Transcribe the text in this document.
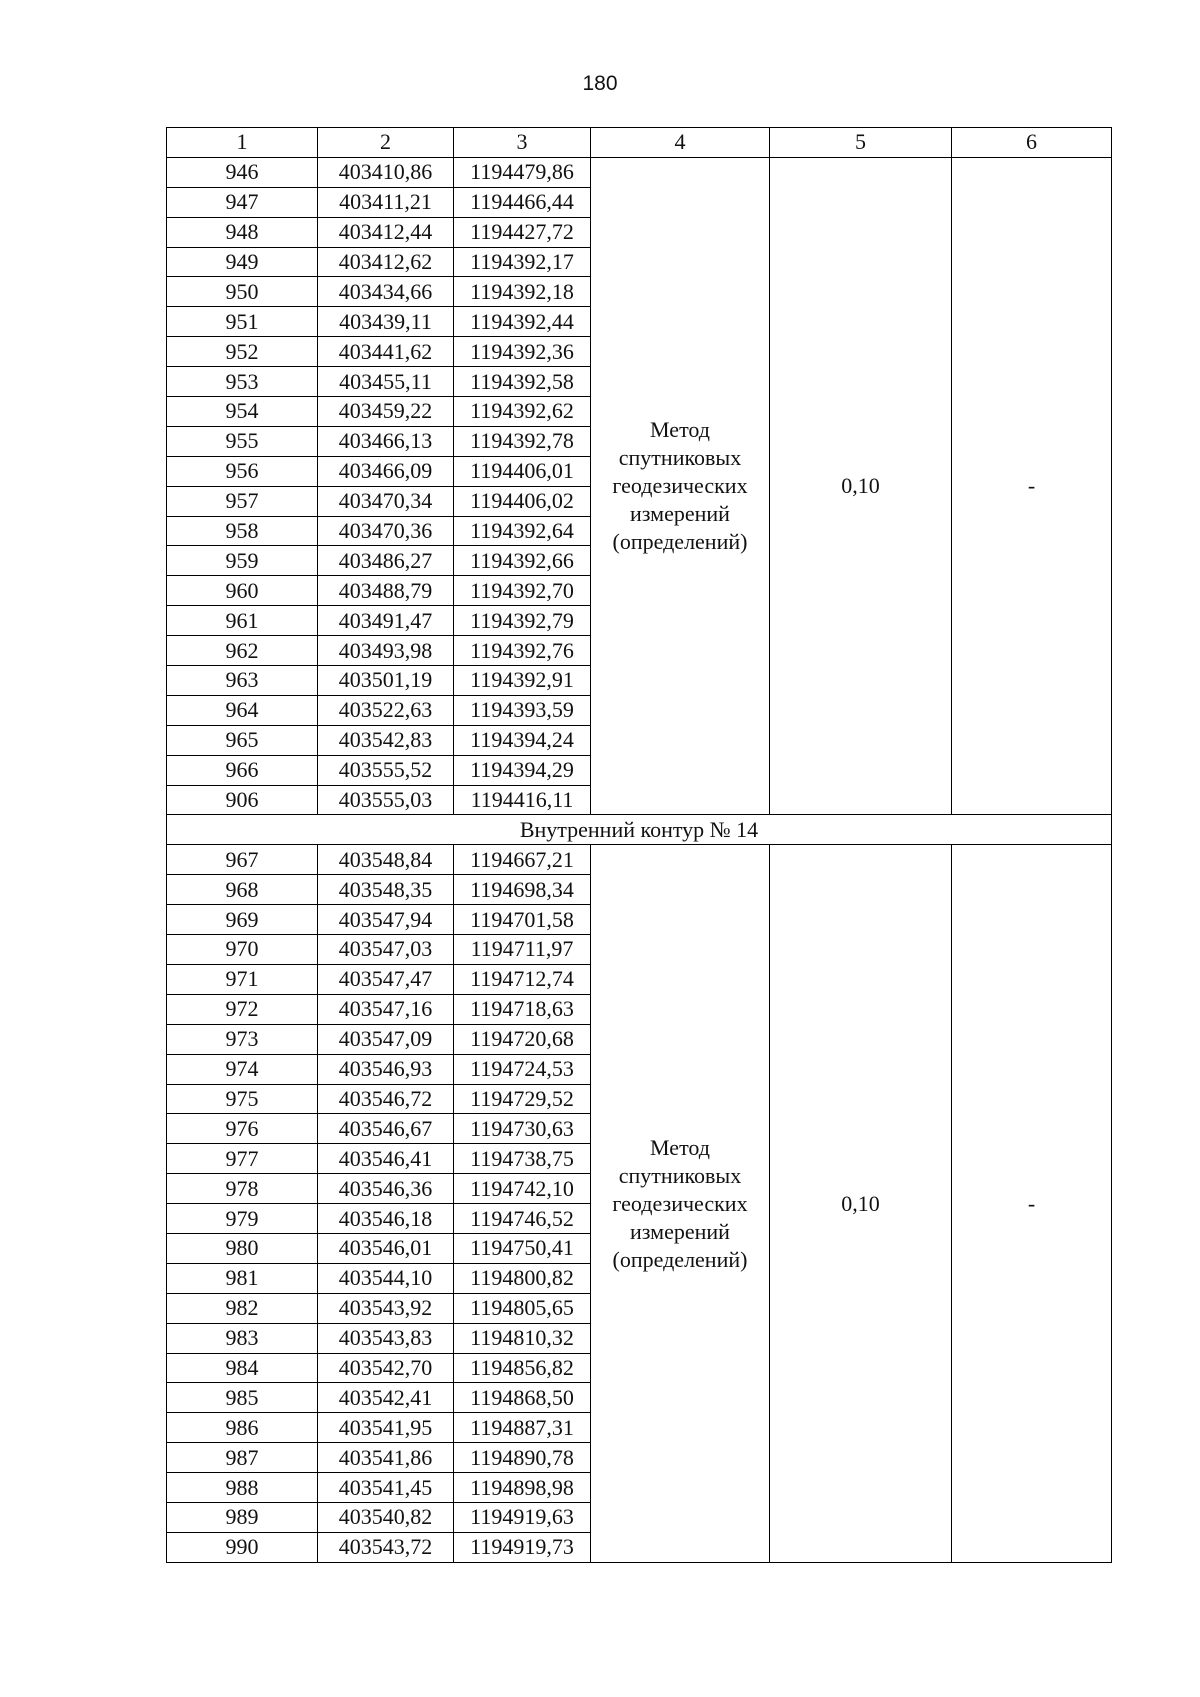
180
1	2	3	4	5	6
946	403410,86	1194479,86	Метод спутниковых геодезических измерений (определений)	0,10	-
947	403411,21	1194466,44			
948	403412,44	1194427,72			
949	403412,62	1194392,17			
950	403434,66	1194392,18			
951	403439,11	1194392,44			
952	403441,62	1194392,36			
953	403455,11	1194392,58			
954	403459,22	1194392,62			
955	403466,13	1194392,78			
956	403466,09	1194406,01			
957	403470,34	1194406,02			
958	403470,36	1194392,64			
959	403486,27	1194392,66			
960	403488,79	1194392,70			
961	403491,47	1194392,79			
962	403493,98	1194392,76			
963	403501,19	1194392,91			
964	403522,63	1194393,59			
965	403542,83	1194394,24			
966	403555,52	1194394,29			
906	403555,03	1194416,11			
Внутренний контур № 14					
967	403548,84	1194667,21	Метод спутниковых геодезических измерений (определений)	0,10	-
968	403548,35	1194698,34			
969	403547,94	1194701,58			
970	403547,03	1194711,97			
971	403547,47	1194712,74			
972	403547,16	1194718,63			
973	403547,09	1194720,68			
974	403546,93	1194724,53			
975	403546,72	1194729,52			
976	403546,67	1194730,63			
977	403546,41	1194738,75			
978	403546,36	1194742,10			
979	403546,18	1194746,52			
980	403546,01	1194750,41			
981	403544,10	1194800,82			
982	403543,92	1194805,65			
983	403543,83	1194810,32			
984	403542,70	1194856,82			
985	403542,41	1194868,50			
986	403541,95	1194887,31			
987	403541,86	1194890,78			
988	403541,45	1194898,98			
989	403540,82	1194919,63			
990	403543,72	1194919,73			
